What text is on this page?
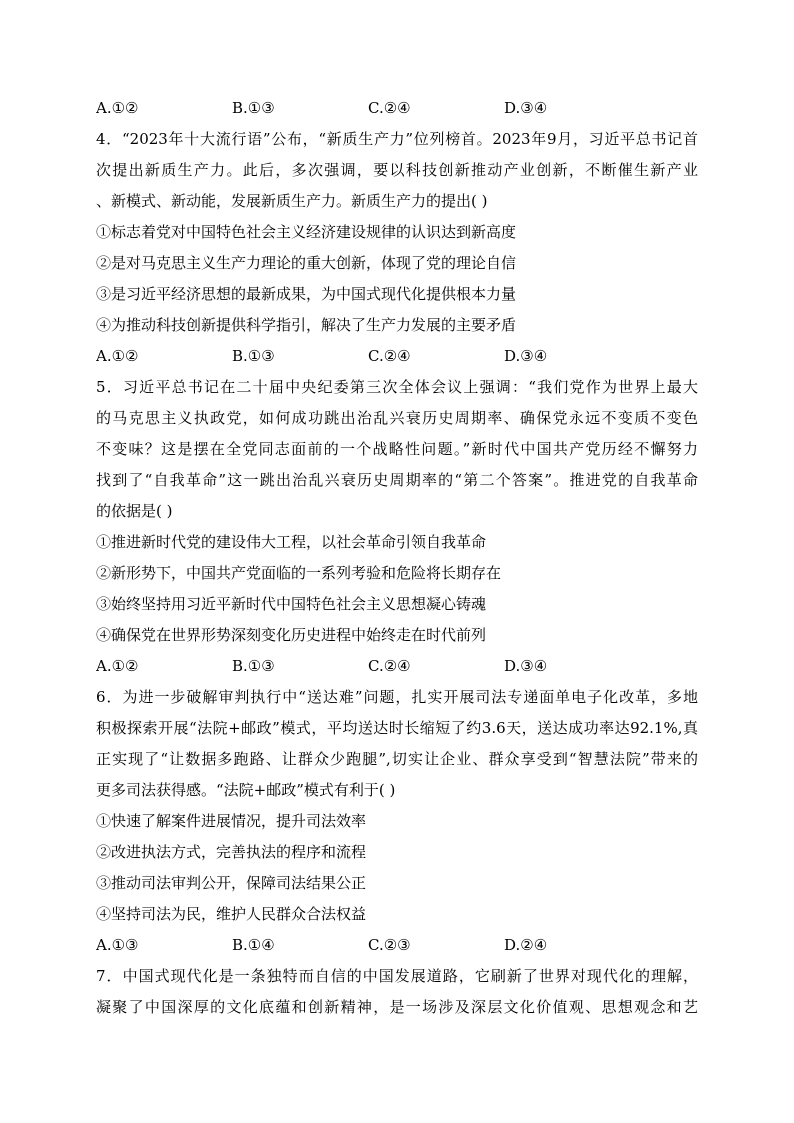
A.①②	B.①③	C.②④	D.③④
4．“2023年十大流行语”公布，“新质生产力”位列榜首。2023年9月，习近平总书记首
次提出新质生产力。此后，多次强调，要以科技创新推动产业创新，不断催生新产业
、新模式、新动能，发展新质生产力。新质生产力的提出( )
①标志着党对中国特色社会主义经济建设规律的认识达到新高度
②是对马克思主义生产力理论的重大创新，体现了党的理论自信
③是习近平经济思想的最新成果，为中国式现代化提供根本力量
④为推动科技创新提供科学指引，解决了生产力发展的主要矛盾
A.①②	B.①③	C.②④	D.③④
5．习近平总书记在二十届中央纪委第三次全体会议上强调：“我们党作为世界上最大
的马克思主义执政党，如何成功跳出治乱兴衰历史周期率、确保党永远不变质不变色
不变味？这是摆在全党同志面前的一个战略性问题。”新时代中国共产党历经不懈努力
找到了“自我革命”这一跳出治乱兴衰历史周期率的“第二个答案”。推进党的自我革命
的依据是( )
①推进新时代党的建设伟大工程，以社会革命引领自我革命
②新形势下，中国共产党面临的一系列考验和危险将长期存在
③始终坚持用习近平新时代中国特色社会主义思想凝心铸魂
④确保党在世界形势深刻变化历史进程中始终走在时代前列
A.①②	B.①③	C.②④	D.③④
6．为进一步破解审判执行中“送达难”问题，扎实开展司法专递面单电子化改革，多地
积极探索开展“法院+邮政”模式，平均送达时长缩短了约3.6天，送达成功率达92.1%,真
正实现了“让数据多跑路、让群众少跑腿”,切实让企业、群众享受到“智慧法院”带来的
更多司法获得感。“法院+邮政”模式有利于( )
①快速了解案件进展情况，提升司法效率
②改进执法方式，完善执法的程序和流程
③推动司法审判公开，保障司法结果公正
④坚持司法为民，维护人民群众合法权益
A.①③	B.①④	C.②③	D.②④
7．中国式现代化是一条独特而自信的中国发展道路，它刷新了世界对现代化的理解，
凝聚了中国深厚的文化底蕴和创新精神，是一场涉及深层文化价值观、思想观念和艺
